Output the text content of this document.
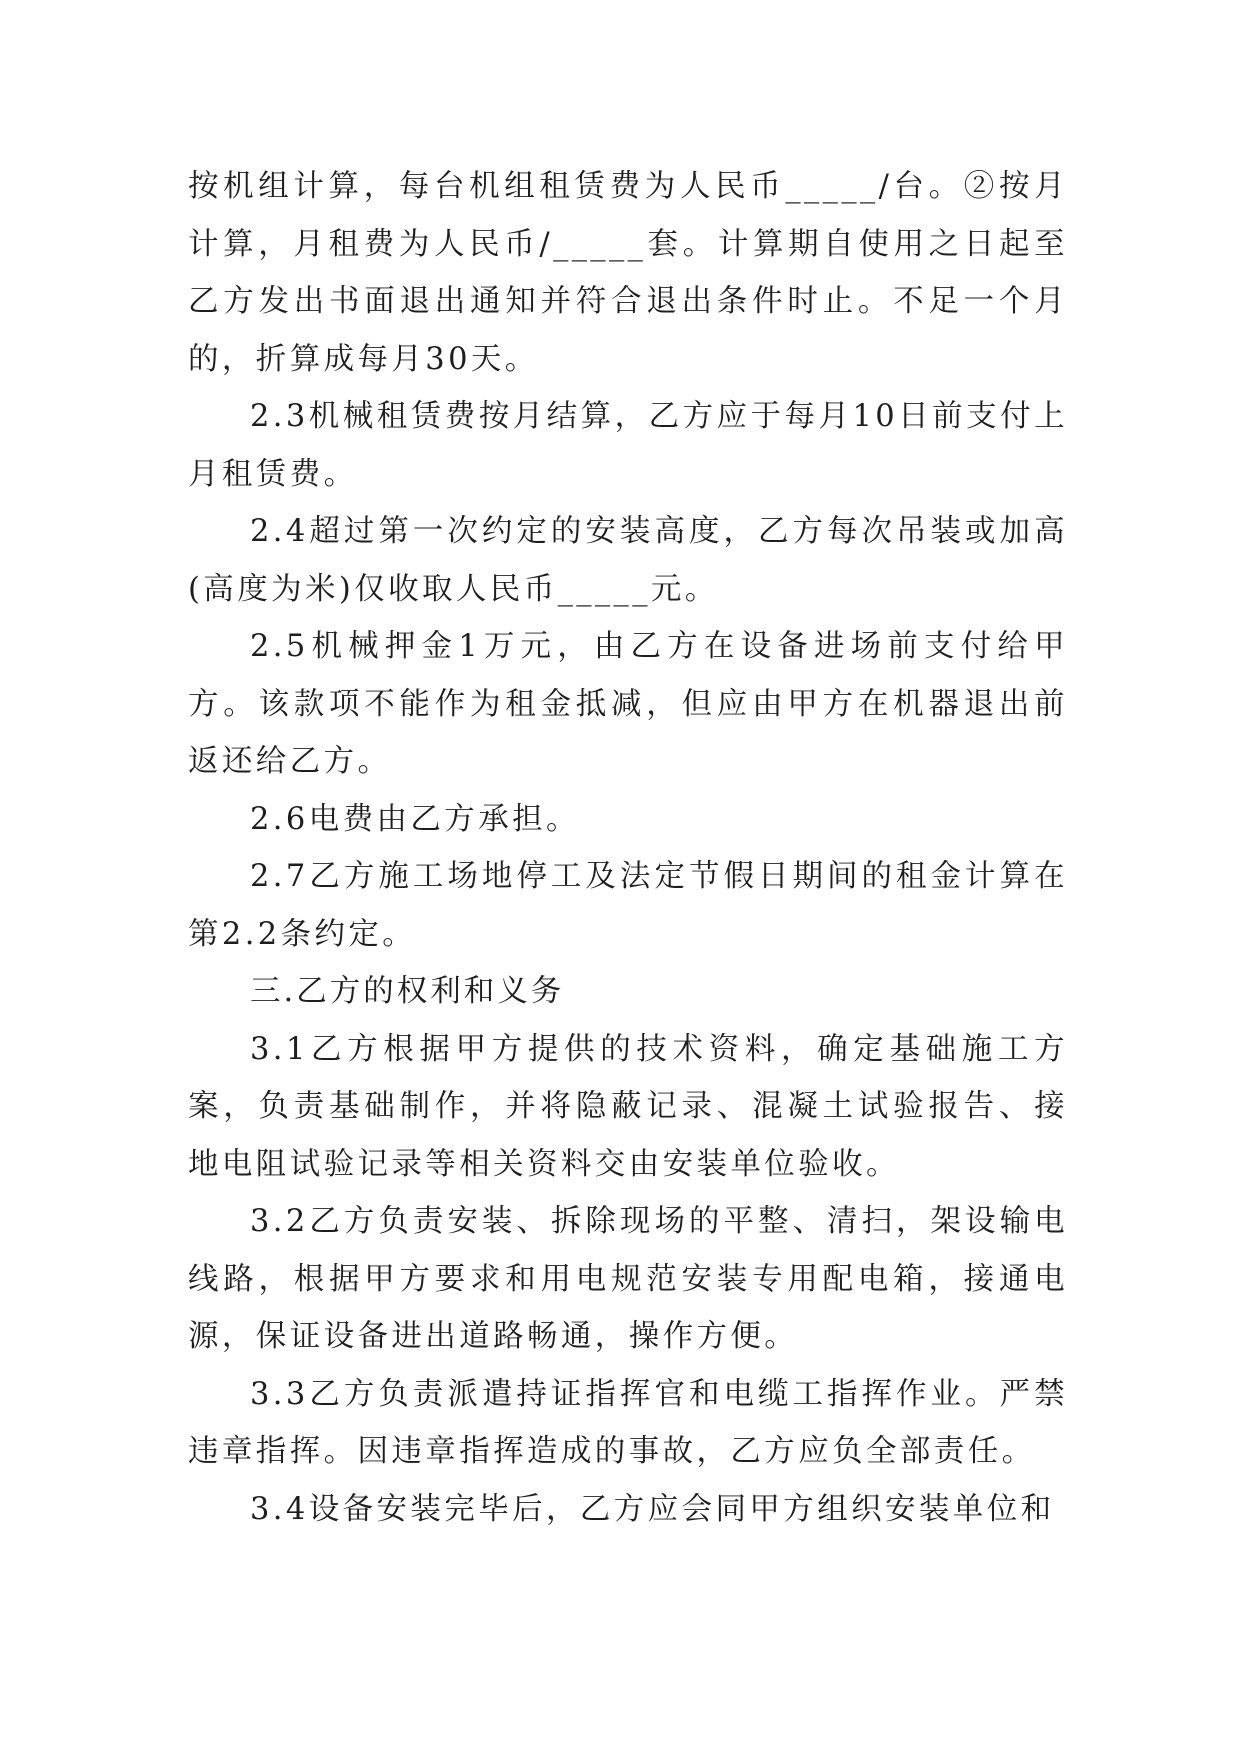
按机组计算，每台机组租赁费为人民币_____/台。②按月计算，月租费为人民币/_____套。计算期自使用之日起至乙方发出书面退出通知并符合退出条件时止。不足一个月的，折算成每月30天。

2.3机械租赁费按月结算，乙方应于每月10日前支付上月租赁费。

2.4超过第一次约定的安装高度，乙方每次吊装或加高(高度为米)仅收取人民币_____元。

2.5机械押金1万元，由乙方在设备进场前支付给甲方。该款项不能作为租金抵减，但应由甲方在机器退出前返还给乙方。

2.6电费由乙方承担。

2.7乙方施工场地停工及法定节假日期间的租金计算在第2.2条约定。

三.乙方的权利和义务

3.1乙方根据甲方提供的技术资料，确定基础施工方案，负责基础制作，并将隐蔽记录、混凝土试验报告、接地电阻试验记录等相关资料交由安装单位验收。

3.2乙方负责安装、拆除现场的平整、清扫，架设输电线路，根据甲方要求和用电规范安装专用配电箱，接通电源，保证设备进出道路畅通，操作方便。

3.3乙方负责派遣持证指挥官和电缆工指挥作业。严禁违章指挥。因违章指挥造成的事故，乙方应负全部责任。

3.4设备安装完毕后，乙方应会同甲方组织安装单位和
